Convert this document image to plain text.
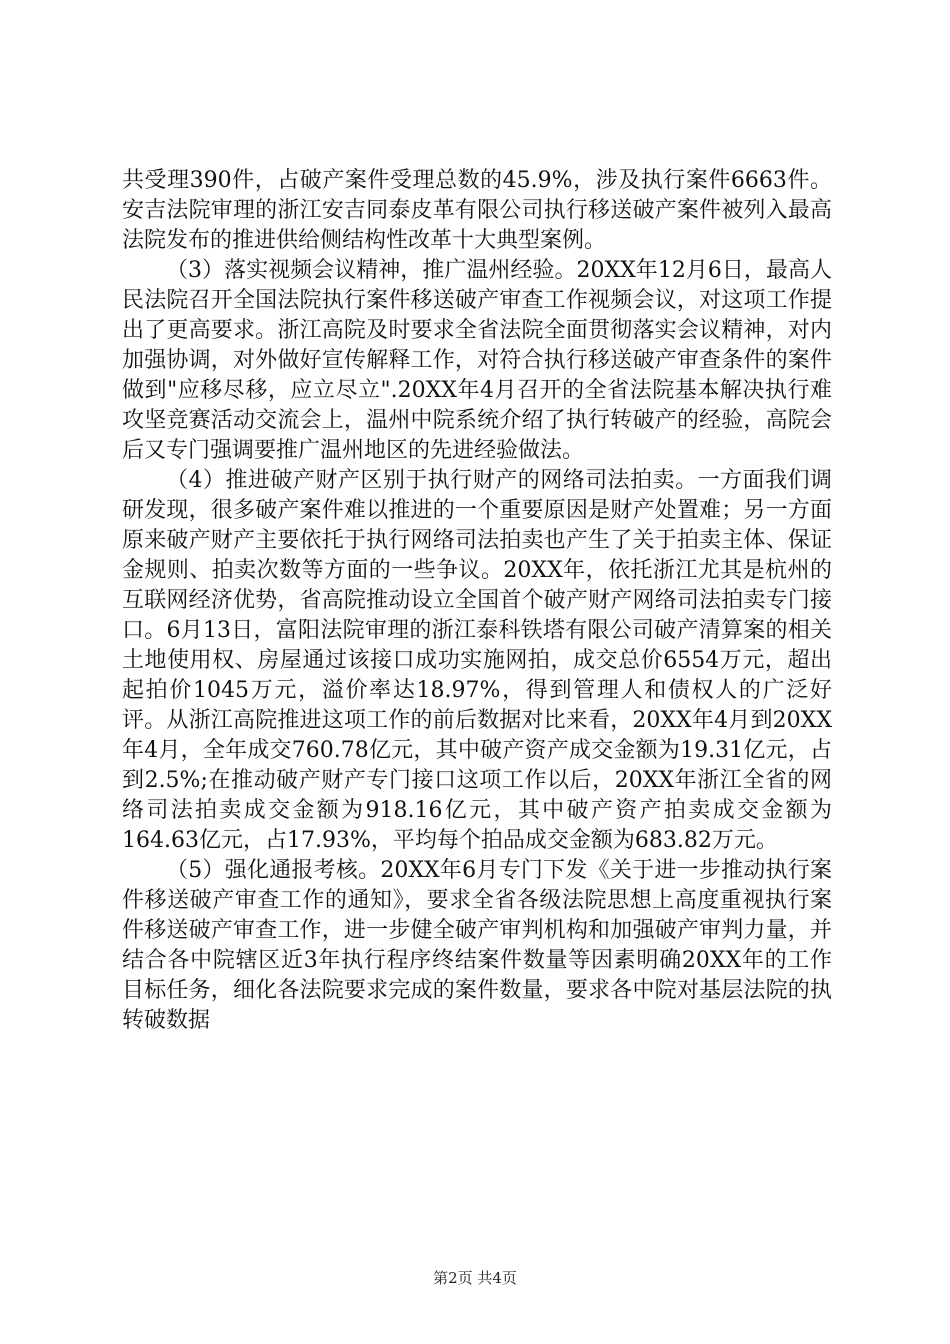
共受理390件，占破产案件受理总数的45.9%，涉及执行案件6663件。安吉法院审理的浙江安吉同泰皮革有限公司执行移送破产案件被列入最高法院发布的推进供给侧结构性改革十大典型案例。

（3）落实视频会议精神，推广温州经验。20XX年12月6日，最高人民法院召开全国法院执行案件移送破产审查工作视频会议，对这项工作提出了更高要求。浙江高院及时要求全省法院全面贯彻落实会议精神，对内加强协调，对外做好宣传解释工作，对符合执行移送破产审查条件的案件做到"应移尽移，应立尽立".20XX年4月召开的全省法院基本解决执行难攻坚竞赛活动交流会上，温州中院系统介绍了执行转破产的经验，高院会后又专门强调要推广温州地区的先进经验做法。

（4）推进破产财产区别于执行财产的网络司法拍卖。一方面我们调研发现，很多破产案件难以推进的一个重要原因是财产处置难；另一方面原来破产财产主要依托于执行网络司法拍卖也产生了关于拍卖主体、保证金规则、拍卖次数等方面的一些争议。20XX年，依托浙江尤其是杭州的互联网经济优势，省高院推动设立全国首个破产财产网络司法拍卖专门接口。6月13日，富阳法院审理的浙江泰科铁塔有限公司破产清算案的相关土地使用权、房屋通过该接口成功实施网拍，成交总价6554万元，超出起拍价1045万元，溢价率达18.97%，得到管理人和债权人的广泛好评。从浙江高院推进这项工作的前后数据对比来看，20XX年4月到20XX年4月，全年成交760.78亿元，其中破产资产成交金额为19.31亿元，占到2.5%;在推动破产财产专门接口这项工作以后，20XX年浙江全省的网络司法拍卖成交金额为918.16亿元，其中破产资产拍卖成交金额为164.63亿元，占17.93%，平均每个拍品成交金额为683.82万元。

（5）强化通报考核。20XX年6月专门下发《关于进一步推动执行案件移送破产审查工作的通知》，要求全省各级法院思想上高度重视执行案件移送破产审查工作，进一步健全破产审判机构和加强破产审判力量，并结合各中院辖区近3年执行程序终结案件数量等因素明确20XX年的工作目标任务，细化各法院要求完成的案件数量，要求各中院对基层法院的执转破数据

第2页 共4页
